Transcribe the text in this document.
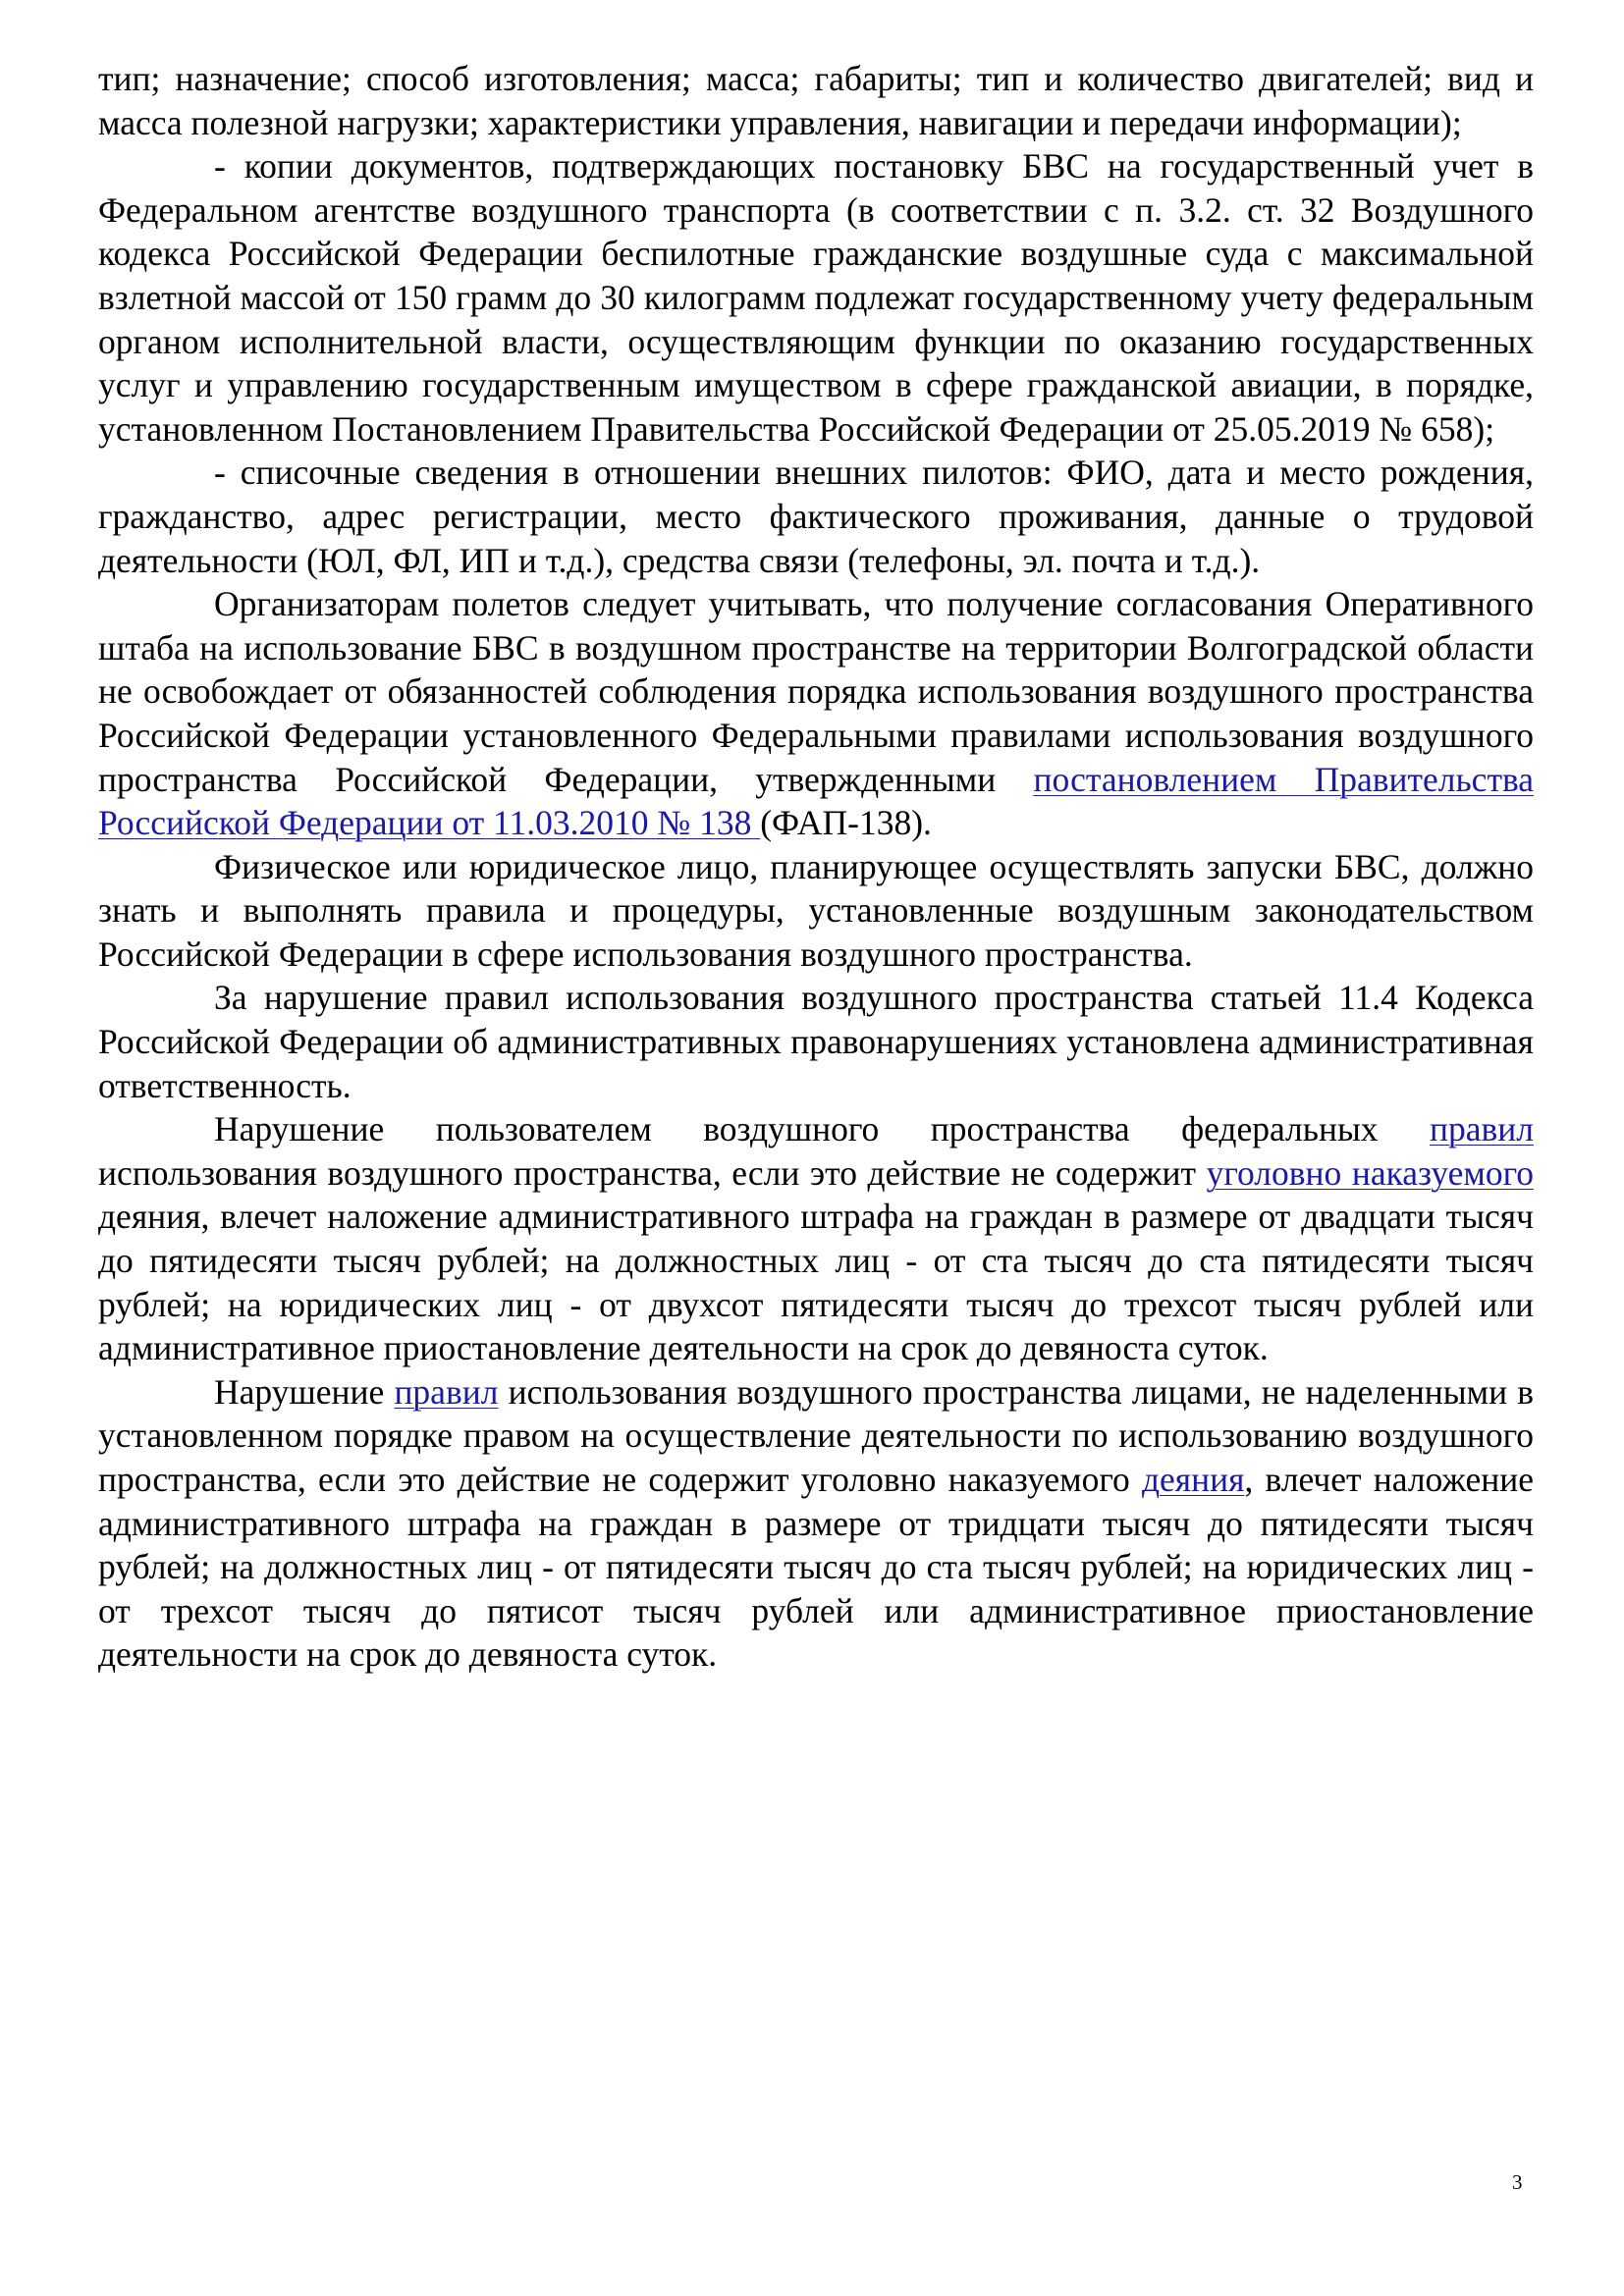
тип; назначение; способ изготовления; масса; габариты; тип и количество двигателей; вид и масса полезной нагрузки; характеристики управления, навигации и передачи информации);

- копии документов, подтверждающих постановку БВС на государственный учет в Федеральном агентстве воздушного транспорта (в соответствии с п. 3.2. ст. 32 Воздушного кодекса Российской Федерации беспилотные гражданские воздушные суда с максимальной взлетной массой от 150 грамм до 30 килограмм подлежат государственному учету федеральным органом исполнительной власти, осуществляющим функции по оказанию государственных услуг и управлению государственным имуществом в сфере гражданской авиации, в порядке, установленном Постановлением Правительства Российской Федерации от 25.05.2019 № 658);

- списочные сведения в отношении внешних пилотов: ФИО, дата и место рождения, гражданство, адрес регистрации, место фактического проживания, данные о трудовой деятельности (ЮЛ, ФЛ, ИП и т.д.), средства связи (телефоны, эл. почта и т.д.).

Организаторам полетов следует учитывать, что получение согласования Оперативного штаба на использование БВС в воздушном пространстве на территории Волгоградской области не освобождает от обязанностей соблюдения порядка использования воздушного пространства Российской Федерации установленного Федеральными правилами использования воздушного пространства Российской Федерации, утвержденными постановлением Правительства Российской Федерации от 11.03.2010 № 138 (ФАП-138).

Физическое или юридическое лицо, планирующее осуществлять запуски БВС, должно знать и выполнять правила и процедуры, установленные воздушным законодательством Российской Федерации в сфере использования воздушного пространства.

За нарушение правил использования воздушного пространства статьей 11.4 Кодекса Российской Федерации об административных правонарушениях установлена административная ответственность.

Нарушение пользователем воздушного пространства федеральных правил использования воздушного пространства, если это действие не содержит уголовно наказуемого деяния, влечет наложение административного штрафа на граждан в размере от двадцати тысяч до пятидесяти тысяч рублей; на должностных лиц - от ста тысяч до ста пятидесяти тысяч рублей; на юридических лиц - от двухсот пятидесяти тысяч до трехсот тысяч рублей или административное приостановление деятельности на срок до девяноста суток.

Нарушение правил использования воздушного пространства лицами, не наделенными в установленном порядке правом на осуществление деятельности по использованию воздушного пространства, если это действие не содержит уголовно наказуемого деяния, влечет наложение административного штрафа на граждан в размере от тридцати тысяч до пятидесяти тысяч рублей; на должностных лиц - от пятидесяти тысяч до ста тысяч рублей; на юридических лиц - от трехсот тысяч до пятисот тысяч рублей или административное приостановление деятельности на срок до девяноста суток.

3
